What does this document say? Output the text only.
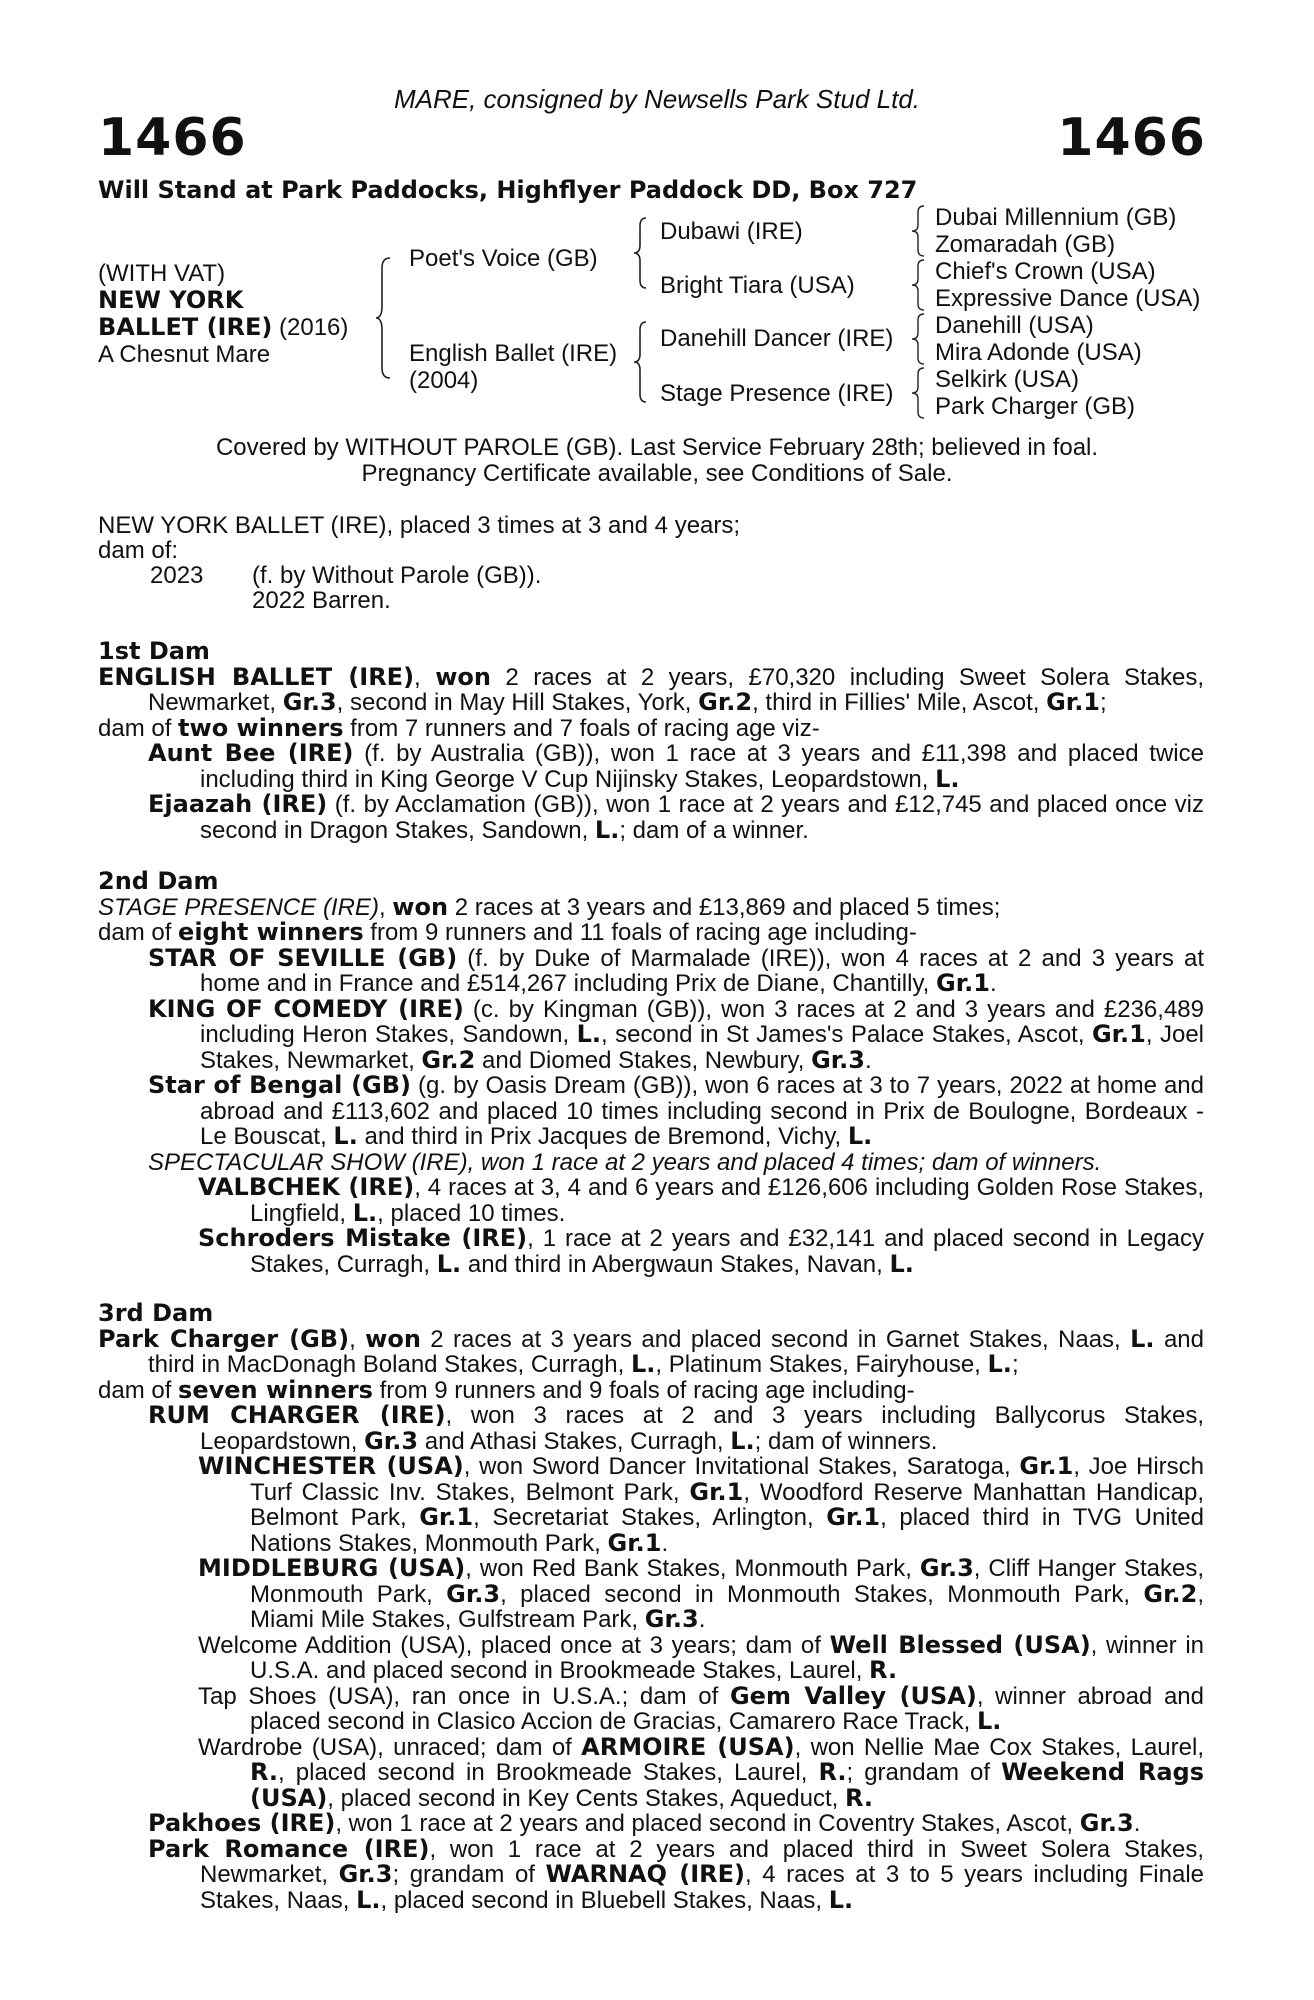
MARE, consigned by Newsells Park Stud Ltd.
1466	1466
Will Stand at Park Paddocks, Highflyer Paddock DD, Box 727
(WITH VAT)
NEW YORK
BALLET (IRE) (2016)
A Chesnut Mare
Poet's Voice (GB)
English Ballet (IRE)
(2004)
Dubawi (IRE)
Bright Tiara (USA)
Danehill Dancer (IRE)
Stage Presence (IRE)
Dubai Millennium (GB)
Zomaradah (GB)
Chief's Crown (USA)
Expressive Dance (USA)
Danehill (USA)
Mira Adonde (USA)
Selkirk (USA)
Park Charger (GB)
Covered by WITHOUT PAROLE (GB). Last Service February 28th; believed in foal.
Pregnancy Certificate available, see Conditions of Sale.
NEW YORK BALLET (IRE), placed 3 times at 3 and 4 years;
dam of:
2023 (f. by Without Parole (GB)).
2022 Barren.
1st Dam
ENGLISH BALLET (IRE), won 2 races at 2 years, £70,320 including Sweet Solera Stakes, Newmarket, Gr.3, second in May Hill Stakes, York, Gr.2, third in Fillies' Mile, Ascot, Gr.1;
dam of two winners from 7 runners and 7 foals of racing age viz-
Aunt Bee (IRE) (f. by Australia (GB)), won 1 race at 3 years and £11,398 and placed twice including third in King George V Cup Nijinsky Stakes, Leopardstown, L.
Ejaazah (IRE) (f. by Acclamation (GB)), won 1 race at 2 years and £12,745 and placed once viz second in Dragon Stakes, Sandown, L.; dam of a winner.
2nd Dam
STAGE PRESENCE (IRE), won 2 races at 3 years and £13,869 and placed 5 times;
dam of eight winners from 9 runners and 11 foals of racing age including-
STAR OF SEVILLE (GB) (f. by Duke of Marmalade (IRE)), won 4 races at 2 and 3 years at home and in France and £514,267 including Prix de Diane, Chantilly, Gr.1.
KING OF COMEDY (IRE) (c. by Kingman (GB)), won 3 races at 2 and 3 years and £236,489 including Heron Stakes, Sandown, L., second in St James's Palace Stakes, Ascot, Gr.1, Joel Stakes, Newmarket, Gr.2 and Diomed Stakes, Newbury, Gr.3.
Star of Bengal (GB) (g. by Oasis Dream (GB)), won 6 races at 3 to 7 years, 2022 at home and abroad and £113,602 and placed 10 times including second in Prix de Boulogne, Bordeaux - Le Bouscat, L. and third in Prix Jacques de Bremond, Vichy, L.
SPECTACULAR SHOW (IRE), won 1 race at 2 years and placed 4 times; dam of winners.
VALBCHEK (IRE), 4 races at 3, 4 and 6 years and £126,606 including Golden Rose Stakes, Lingfield, L., placed 10 times.
Schroders Mistake (IRE), 1 race at 2 years and £32,141 and placed second in Legacy Stakes, Curragh, L. and third in Abergwaun Stakes, Navan, L.
3rd Dam
Park Charger (GB), won 2 races at 3 years and placed second in Garnet Stakes, Naas, L. and third in MacDonagh Boland Stakes, Curragh, L., Platinum Stakes, Fairyhouse, L.;
dam of seven winners from 9 runners and 9 foals of racing age including-
RUM CHARGER (IRE), won 3 races at 2 and 3 years including Ballycorus Stakes, Leopardstown, Gr.3 and Athasi Stakes, Curragh, L.; dam of winners.
WINCHESTER (USA), won Sword Dancer Invitational Stakes, Saratoga, Gr.1, Joe Hirsch Turf Classic Inv. Stakes, Belmont Park, Gr.1, Woodford Reserve Manhattan Handicap, Belmont Park, Gr.1, Secretariat Stakes, Arlington, Gr.1, placed third in TVG United Nations Stakes, Monmouth Park, Gr.1.
MIDDLEBURG (USA), won Red Bank Stakes, Monmouth Park, Gr.3, Cliff Hanger Stakes, Monmouth Park, Gr.3, placed second in Monmouth Stakes, Monmouth Park, Gr.2, Miami Mile Stakes, Gulfstream Park, Gr.3.
Welcome Addition (USA), placed once at 3 years; dam of Well Blessed (USA), winner in U.S.A. and placed second in Brookmeade Stakes, Laurel, R.
Tap Shoes (USA), ran once in U.S.A.; dam of Gem Valley (USA), winner abroad and placed second in Clasico Accion de Gracias, Camarero Race Track, L.
Wardrobe (USA), unraced; dam of ARMOIRE (USA), won Nellie Mae Cox Stakes, Laurel, R., placed second in Brookmeade Stakes, Laurel, R.; grandam of Weekend Rags (USA), placed second in Key Cents Stakes, Aqueduct, R.
Pakhoes (IRE), won 1 race at 2 years and placed second in Coventry Stakes, Ascot, Gr.3.
Park Romance (IRE), won 1 race at 2 years and placed third in Sweet Solera Stakes, Newmarket, Gr.3; grandam of WARNAQ (IRE), 4 races at 3 to 5 years including Finale Stakes, Naas, L., placed second in Bluebell Stakes, Naas, L.
